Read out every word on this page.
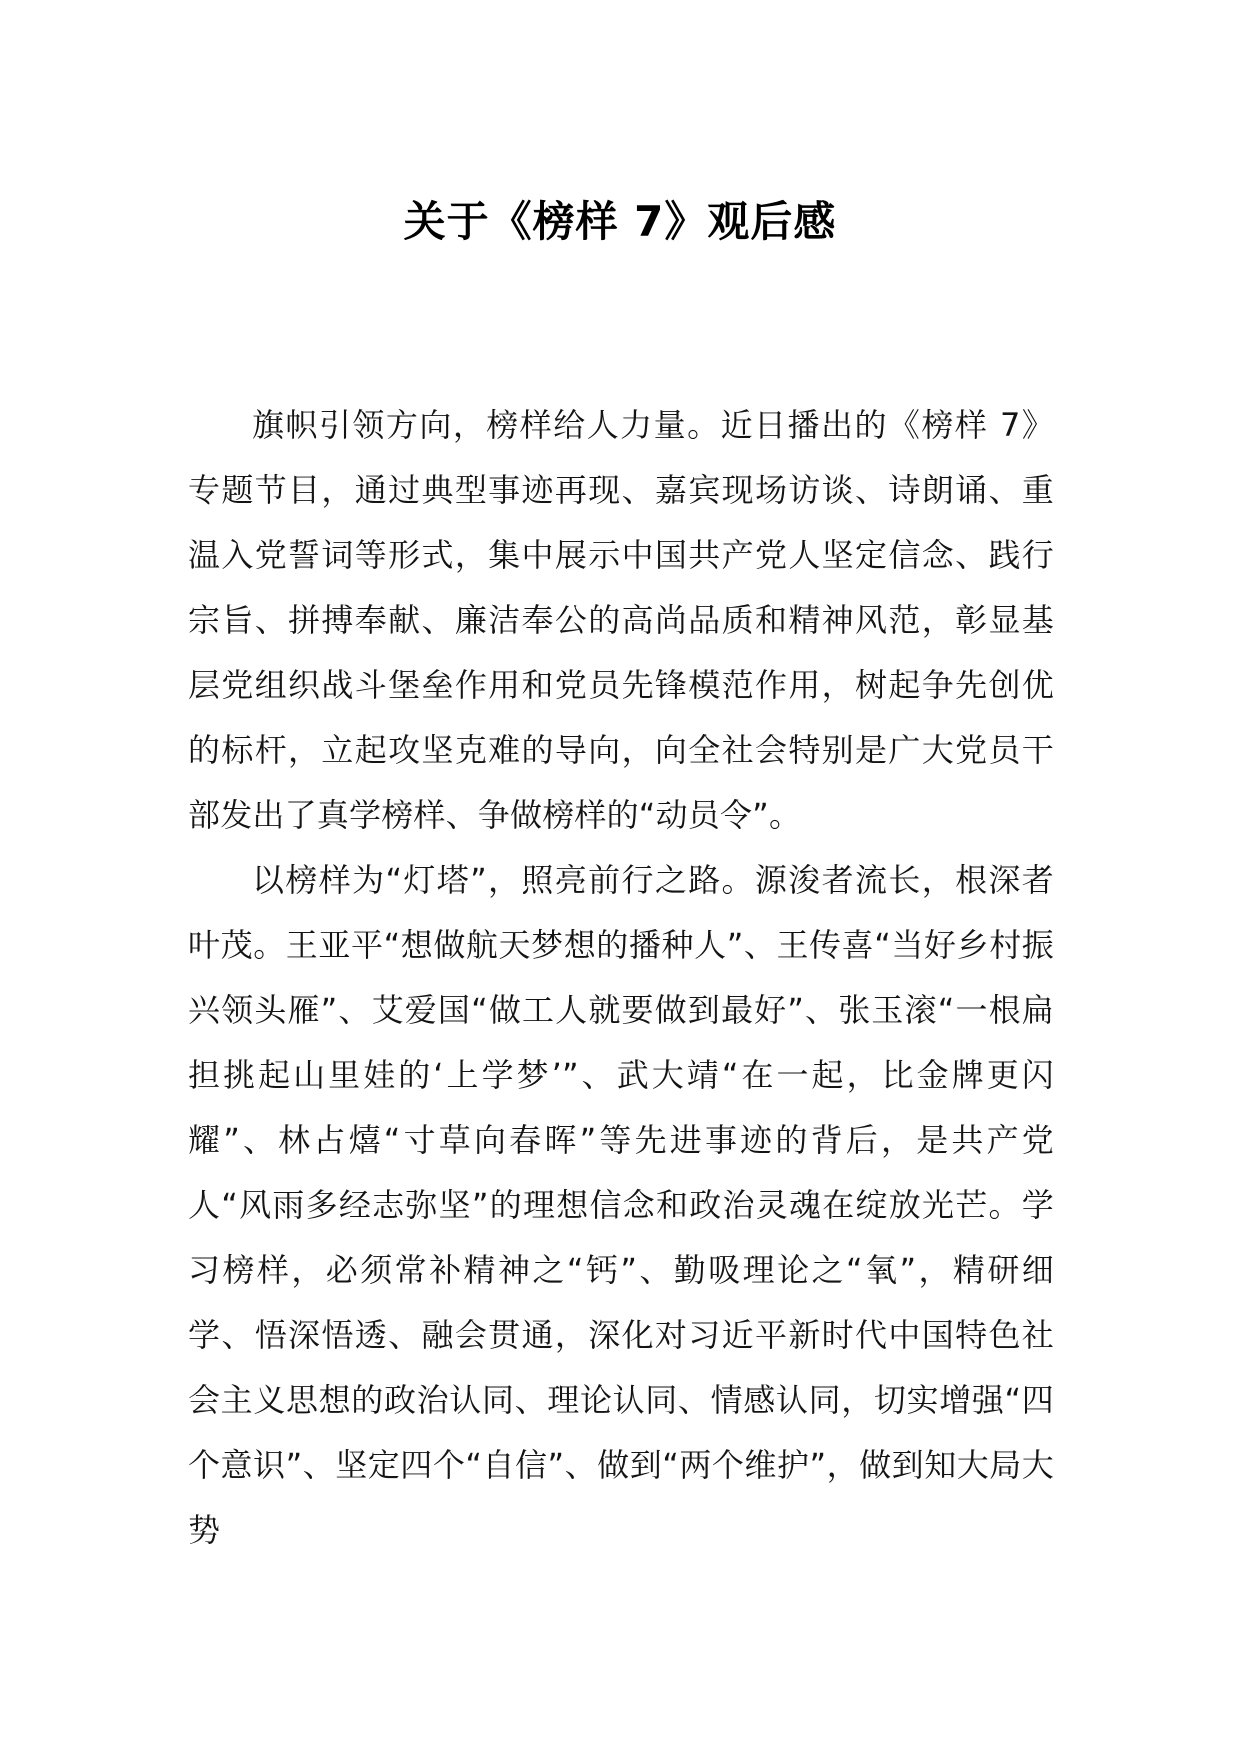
关于《榜样 7》观后感

旗帜引领方向，榜样给人力量。近日播出的《榜样 7》专题节目，通过典型事迹再现、嘉宾现场访谈、诗朗诵、重温入党誓词等形式，集中展示中国共产党人坚定信念、践行宗旨、拼搏奉献、廉洁奉公的高尚品质和精神风范，彰显基层党组织战斗堡垒作用和党员先锋模范作用，树起争先创优的标杆，立起攻坚克难的导向，向全社会特别是广大党员干部发出了真学榜样、争做榜样的“动员令”。

以榜样为“灯塔”，照亮前行之路。源浚者流长，根深者叶茂。王亚平“想做航天梦想的播种人”、王传喜“当好乡村振兴领头雁”、艾爱国“做工人就要做到最好”、张玉滚“一根扁担挑起山里娃的‘上学梦’”、武大靖“在一起，比金牌更闪耀”、林占熺“寸草向春晖”等先进事迹的背后，是共产党人“风雨多经志弥坚”的理想信念和政治灵魂在绽放光芒。学习榜样，必须常补精神之“钙”、勤吸理论之“氧”，精研细学、悟深悟透、融会贯通，深化对习近平新时代中国特色社会主义思想的政治认同、理论认同、情感认同，切实增强“四个意识”、坚定四个“自信”、做到“两个维护”，做到知大局大势
